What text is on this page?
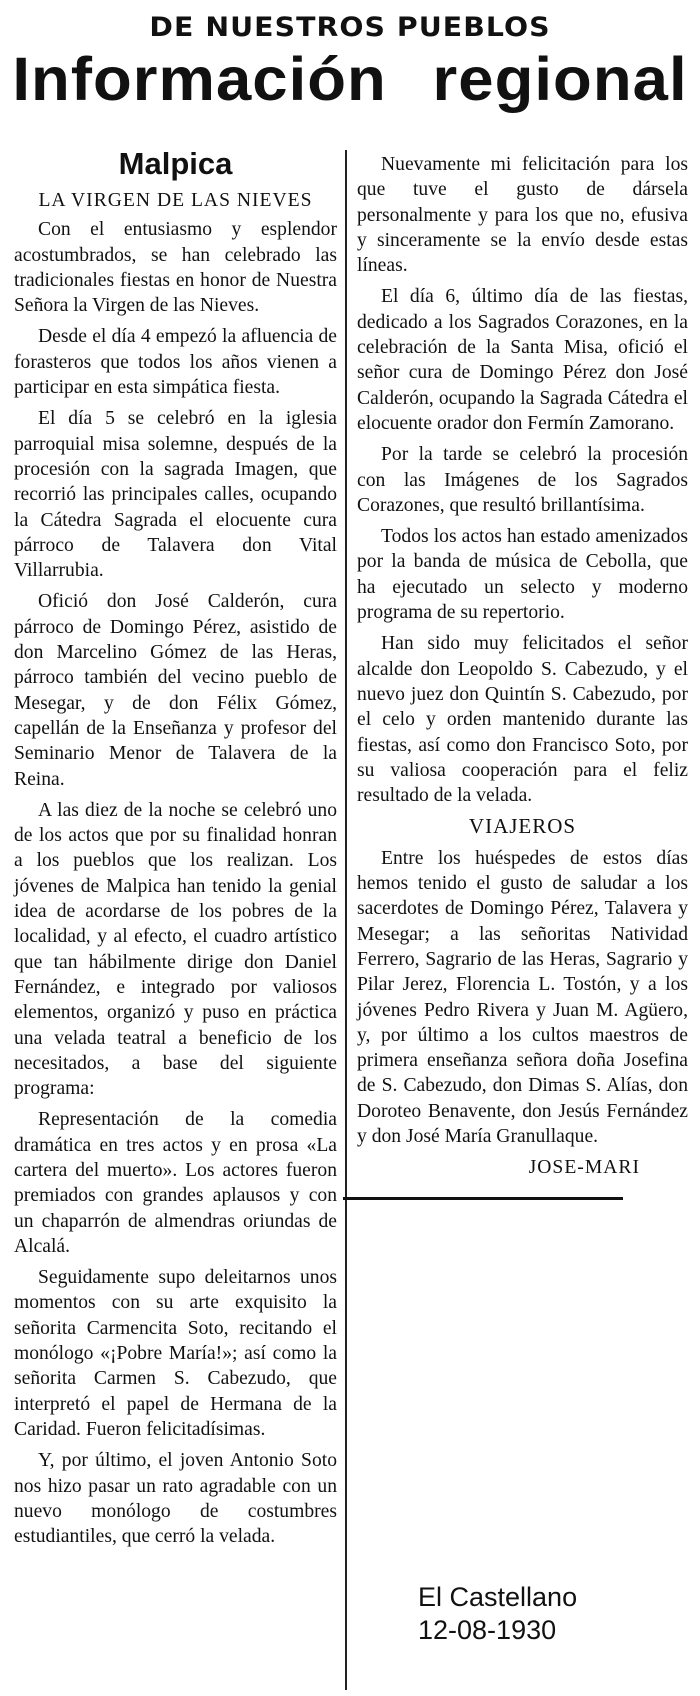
DE NUESTROS PUEBLOS
Información regional
Malpica

LA VIRGEN DE LAS NIEVES

Con el entusiasmo y esplendor acostumbrados, se han celebrado las tradicionales fiestas en honor de Nuestra Señora la Virgen de las Nieves.

Desde el día 4 empezó la afluencia de forasteros que todos los años vienen a participar en esta simpática fiesta.

El día 5 se celebró en la iglesia parroquial misa solemne, después de la procesión con la sagrada Imagen, que recorrió las principales calles, ocupando la Cátedra Sagrada el elocuente cura párroco de Talavera don Vital Villarrubia.

Ofició don José Calderón, cura párroco de Domingo Pérez, asistido de don Marcelino Gómez de las Heras, párroco también del vecino pueblo de Mesegar, y de don Félix Gómez, capellán de la Enseñanza y profesor del Seminario Menor de Talavera de la Reina.

A las diez de la noche se celebró uno de los actos que por su finalidad honran a los pueblos que los realizan. Los jóvenes de Malpica han tenido la genial idea de acordarse de los pobres de la localidad, y al efecto, el cuadro artístico que tan hábilmente dirige don Daniel Fernández, e integrado por valiosos elementos, organizó y puso en práctica una velada teatral a beneficio de los necesitados, a base del siguiente programa:

Representación de la comedia dramática en tres actos y en prosa «La cartera del muerto». Los actores fueron premiados con grandes aplausos y con un chaparrón de almendras oriundas de Alcalá.

Seguidamente supo deleitarnos unos momentos con su arte exquisito la señorita Carmencita Soto, recitando el monólogo «¡Pobre María!»; así como la señorita Carmen S. Cabezudo, que interpretó el papel de Hermana de la Caridad. Fueron felicitadísimas.

Y, por último, el joven Antonio Soto nos hizo pasar un rato agradable con un nuevo monólogo de costumbres estudiantiles, que cerró la velada.

Nuevamente mi felicitación para los que tuve el gusto de dársela personalmente y para los que no, efusiva y sinceramente se la envío desde estas líneas.

El día 6, último día de las fiestas, dedicado a los Sagrados Corazones, en la celebración de la Santa Misa, ofició el señor cura de Domingo Pérez don José Calderón, ocupando la Sagrada Cátedra el elocuente orador don Fermín Zamorano.

Por la tarde se celebró la procesión con las Imágenes de los Sagrados Corazones, que resultó brillantísima.

Todos los actos han estado amenizados por la banda de música de Cebolla, que ha ejecutado un selecto y moderno programa de su repertorio.

Han sido muy felicitados el señor alcalde don Leopoldo S. Cabezudo, y el nuevo juez don Quintín S. Cabezudo, por el celo y orden mantenido durante las fiestas, así como don Francisco Soto, por su valiosa cooperación para el feliz resultado de la velada.

VIAJEROS

Entre los huéspedes de estos días hemos tenido el gusto de saludar a los sacerdotes de Domingo Pérez, Talavera y Mesegar; a las señoritas Natividad Ferrero, Sagrario de las Heras, Sagrario y Pilar Jerez, Florencia L. Tostón, y a los jóvenes Pedro Rivera y Juan M. Agüero, y, por último a los cultos maestros de primera enseñanza señora doña Josefina de S. Cabezudo, don Dimas S. Alías, don Doroteo Benavente, don Jesús Fernández y don José María Granullaque.

JOSE-MARI

El Castellano
12-08-1930
